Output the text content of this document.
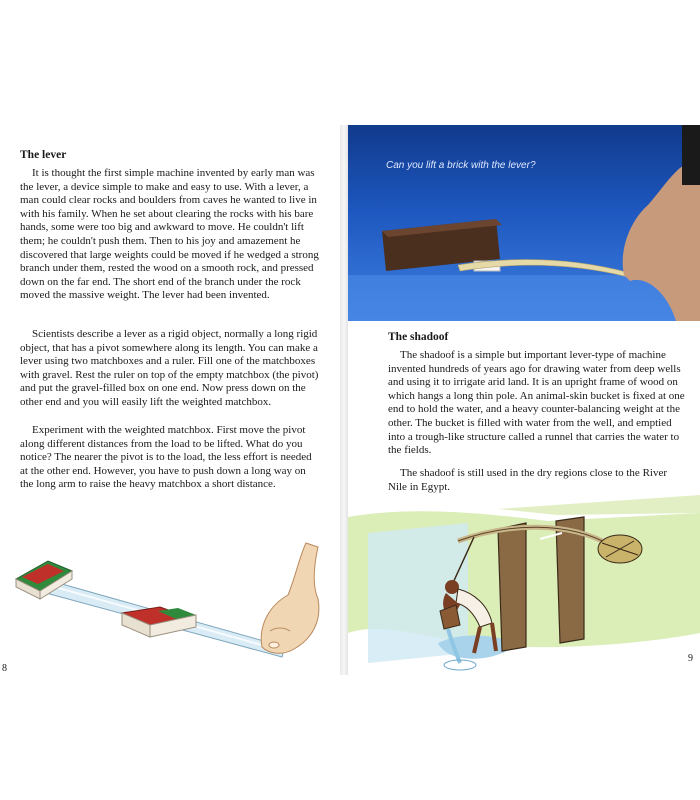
The lever

It is thought the first simple machine invented by early man was the lever, a device simple to make and easy to use. With a lever, a man could clear rocks and boulders from caves he wanted to live in with his family. When he set about clearing the rocks with his bare hands, some were too big and awkward to move. He couldn't lift them; he couldn't push them. Then to his joy and amazement he discovered that large weights could be moved if he wedged a strong branch under them, rested the wood on a smooth rock, and pressed down on the far end. The short end of the branch under the rock moved the massive weight. The lever had been invented.

Scientists describe a lever as a rigid object, normally a long rigid object, that has a pivot somewhere along its length. You can make a lever using two matchboxes and a ruler. Fill one of the matchboxes with gravel. Rest the ruler on top of the empty matchbox (the pivot) and put the gravel-filled box on one end. Now press down on the other end and you will easily lift the weighted matchbox.

Experiment with the weighted matchbox. First move the pivot along different distances from the load to be lifted. What do you notice? The nearer the pivot is to the load, the less effort is needed at the other end. However, you have to push down a long way on the long arm to raise the heavy matchbox a short distance.

8
Can you lift a brick with the lever?
The shadoof

The shadoof is a simple but important lever-type of machine invented hundreds of years ago for drawing water from deep wells and using it to irrigate arid land. It is an upright frame of wood on which hangs a long thin pole. An animal-skin bucket is fixed at one end to hold the water, and a heavy counter-balancing weight at the other. The bucket is filled with water from the well, and emptied into a trough-like structure called a runnel that carries the water to the fields.

The shadoof is still used in the dry regions close to the River Nile in Egypt.

9
